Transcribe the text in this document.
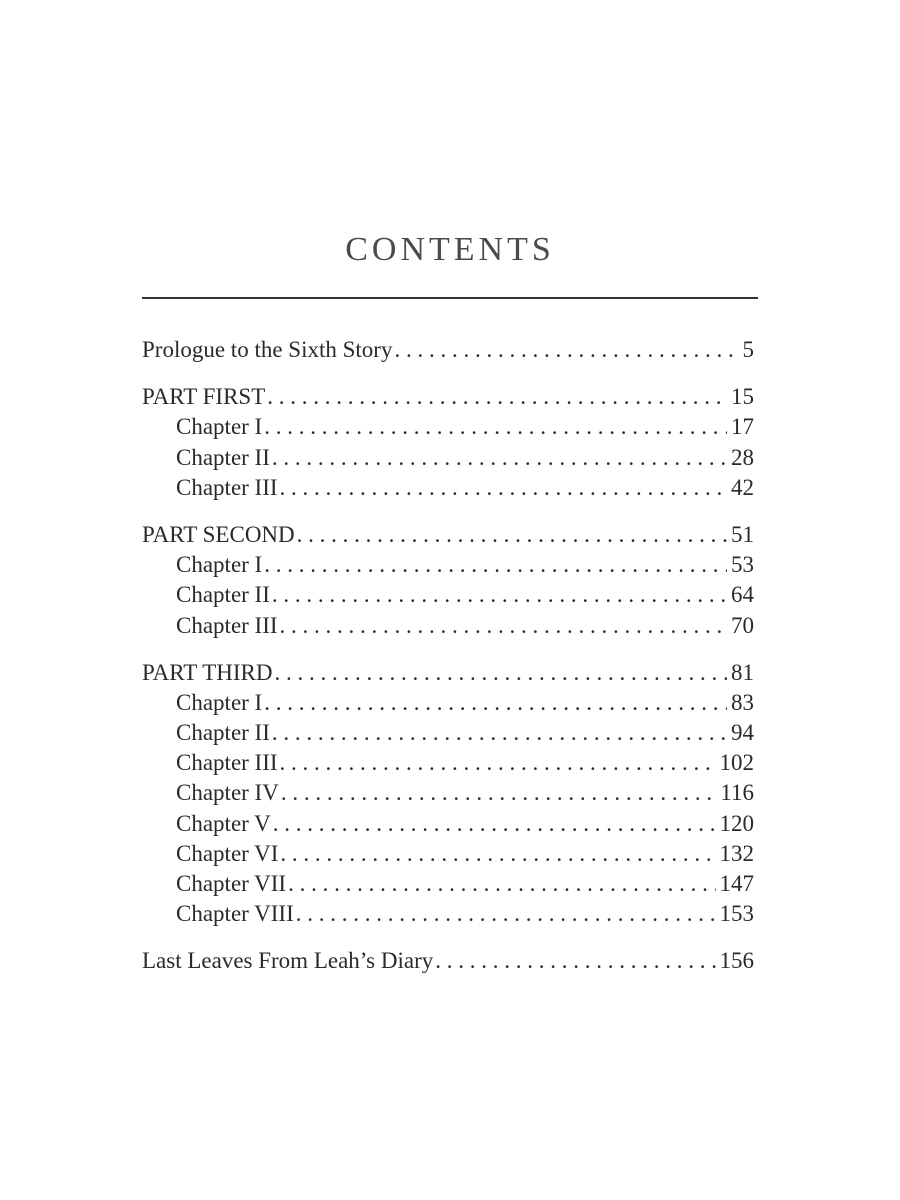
CONTENTS
Prologue to the Sixth Story . . .	5
PART FIRST . . .	15
Chapter I . . .	17
Chapter II . . .	28
Chapter III . . .	42
PART SECOND . . .	51
Chapter I . . .	53
Chapter II . . .	64
Chapter III . . .	70
PART THIRD . . .	81
Chapter I . . .	83
Chapter II . . .	94
Chapter III . . .	102
Chapter IV . . .	116
Chapter V . . .	120
Chapter VI . . .	132
Chapter VII . . .	147
Chapter VIII . . .	153
Last Leaves From Leah’s Diary . . .	156
